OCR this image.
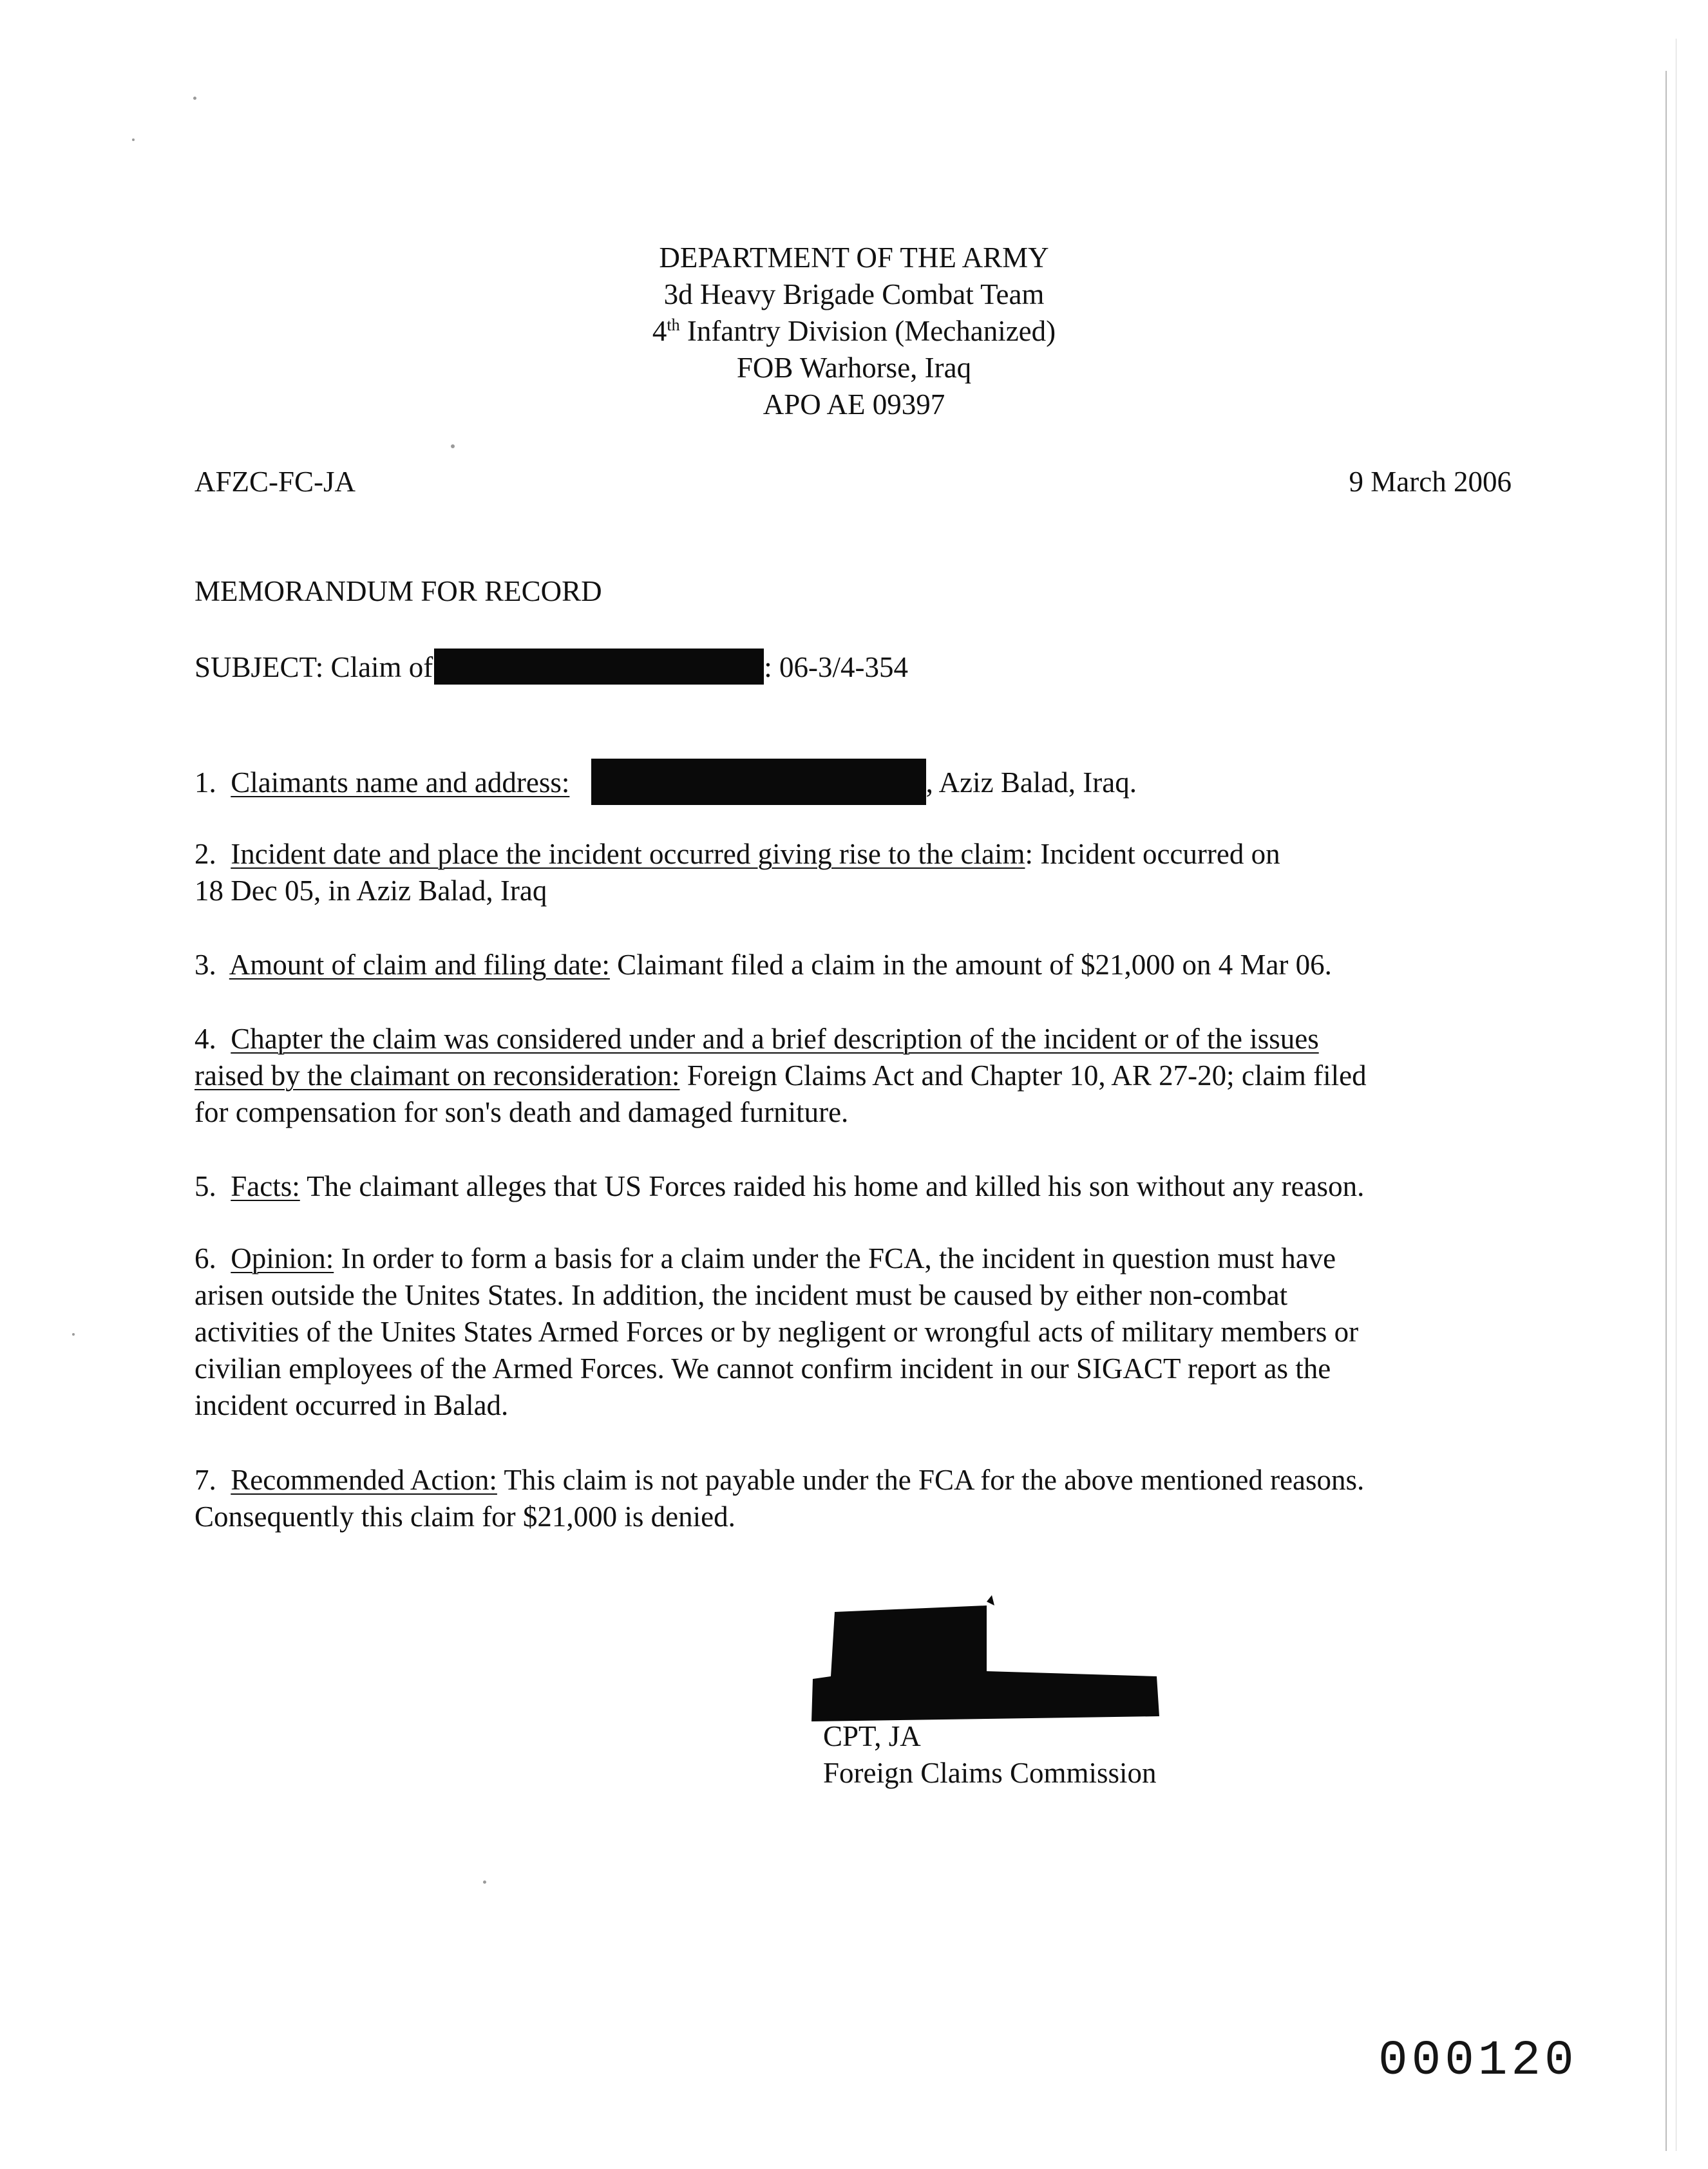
DEPARTMENT OF THE ARMY
3d Heavy Brigade Combat Team
4th Infantry Division (Mechanized)
FOB Warhorse, Iraq
APO AE 09397
AFZC-FC-JA	9 March 2006
MEMORANDUM FOR RECORD
SUBJECT: Claim of	: 06-3/4-354
1. Claimants name and address:	, Aziz Balad, Iraq.
2. Incident date and place the incident occurred giving rise to the claim: Incident occurred on
18 Dec 05, in Aziz Balad, Iraq
3. Amount of claim and filing date: Claimant filed a claim in the amount of $21,000 on 4 Mar 06.
4. Chapter the claim was considered under and a brief description of the incident or of the issues
raised by the claimant on reconsideration: Foreign Claims Act and Chapter 10, AR 27-20; claim filed
for compensation for son's death and damaged furniture.
5. Facts: The claimant alleges that US Forces raided his home and killed his son without any reason.
6. Opinion: In order to form a basis for a claim under the FCA, the incident in question must have
arisen outside the Unites States. In addition, the incident must be caused by either non-combat
activities of the Unites States Armed Forces or by negligent or wrongful acts of military members or
civilian employees of the Armed Forces. We cannot confirm incident in our SIGACT report as the
incident occurred in Balad.
7. Recommended Action: This claim is not payable under the FCA for the above mentioned reasons.
Consequently this claim for $21,000 is denied.
CPT, JA
Foreign Claims Commission
000120
